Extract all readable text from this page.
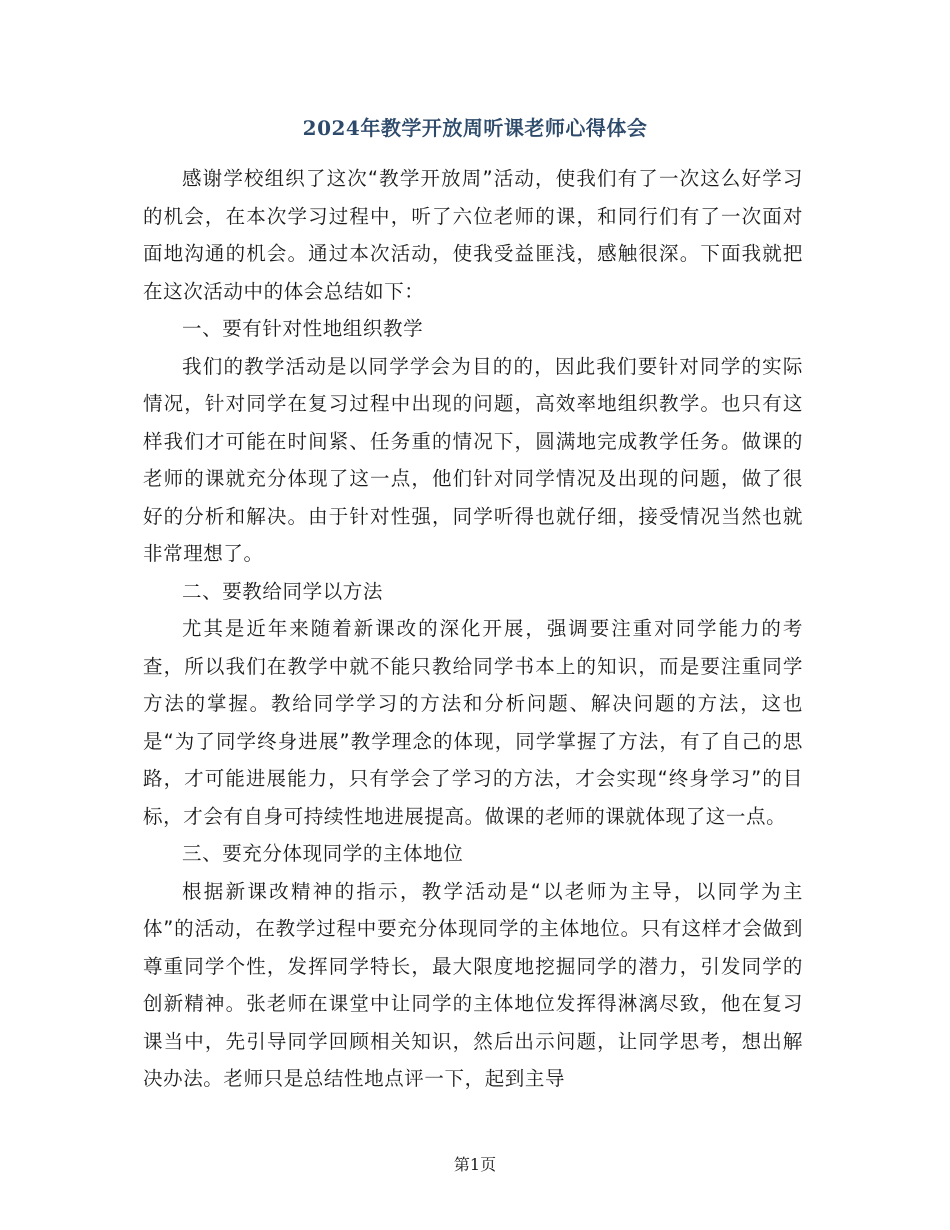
2024年教学开放周听课老师心得体会

感谢学校组织了这次“教学开放周”活动，使我们有了一次这么好学习的机会，在本次学习过程中，听了六位老师的课，和同行们有了一次面对面地沟通的机会。通过本次活动，使我受益匪浅，感触很深。下面我就把在这次活动中的体会总结如下：

一、要有针对性地组织教学

我们的教学活动是以同学学会为目的的，因此我们要针对同学的实际情况，针对同学在复习过程中出现的问题，高效率地组织教学。也只有这样我们才可能在时间紧、任务重的情况下，圆满地完成教学任务。做课的老师的课就充分体现了这一点，他们针对同学情况及出现的问题，做了很好的分析和解决。由于针对性强，同学听得也就仔细，接受情况当然也就非常理想了。

二、要教给同学以方法

尤其是近年来随着新课改的深化开展，强调要注重对同学能力的考查，所以我们在教学中就不能只教给同学书本上的知识，而是要注重同学方法的掌握。教给同学学习的方法和分析问题、解决问题的方法，这也是“为了同学终身进展”教学理念的体现，同学掌握了方法，有了自己的思路，才可能进展能力，只有学会了学习的方法，才会实现“终身学习”的目标，才会有自身可持续性地进展提高。做课的老师的课就体现了这一点。

三、要充分体现同学的主体地位

根据新课改精神的指示，教学活动是“以老师为主导，以同学为主体”的活动，在教学过程中要充分体现同学的主体地位。只有这样才会做到尊重同学个性，发挥同学特长，最大限度地挖掘同学的潜力，引发同学的创新精神。张老师在课堂中让同学的主体地位发挥得淋漓尽致，他在复习课当中，先引导同学回顾相关知识，然后出示问题，让同学思考，想出解决办法。老师只是总结性地点评一下，起到主导

第1页
